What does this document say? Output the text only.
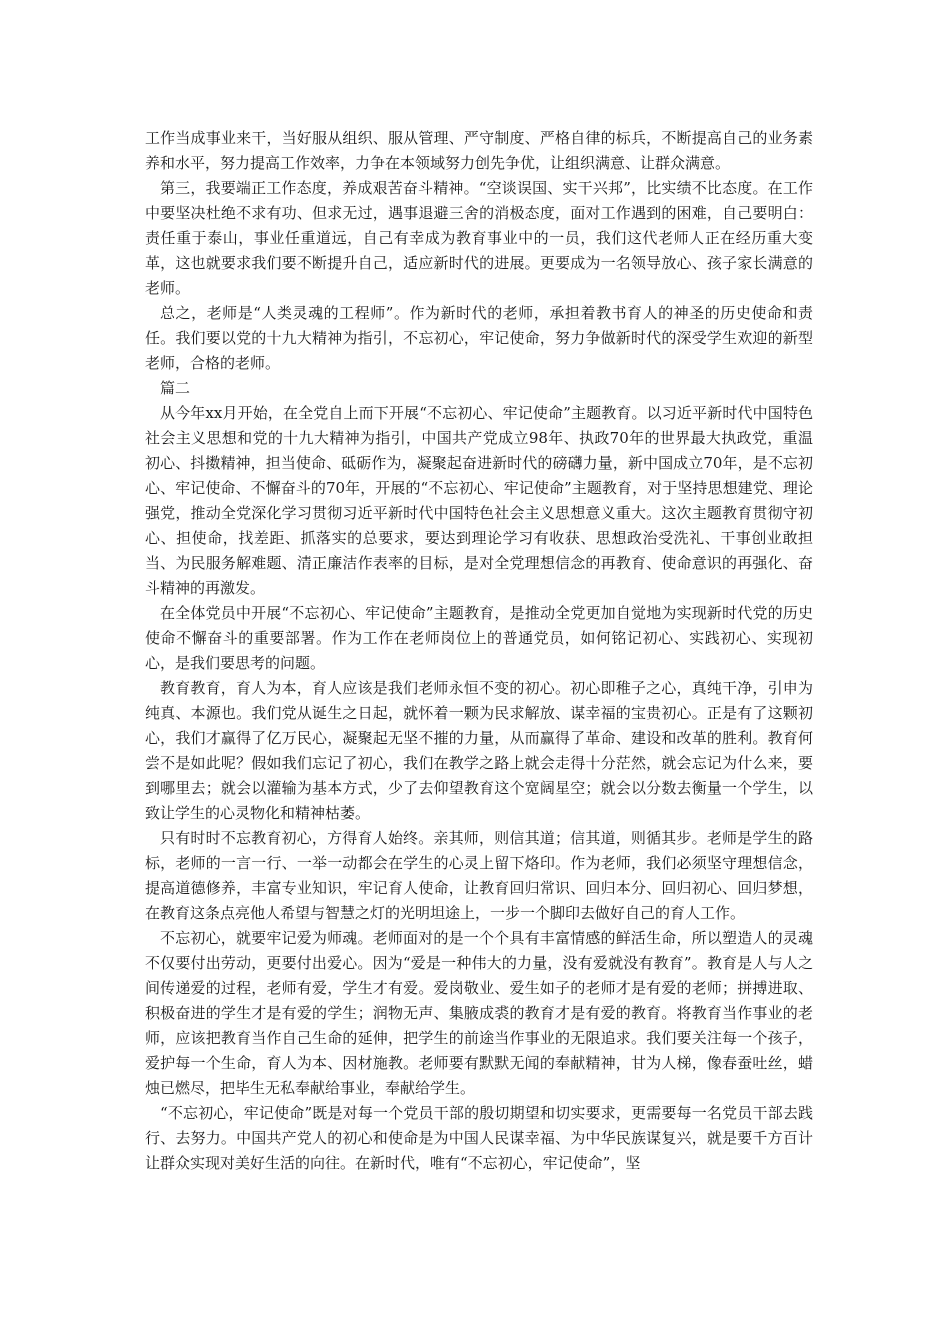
工作当成事业来干，当好服从组织、服从管理、严守制度、严格自律的标兵，不断提高自己的业务素养和水平，努力提高工作效率，力争在本领域努力创先争优，让组织满意、让群众满意。

第三，我要端正工作态度，养成艰苦奋斗精神。“空谈误国、实干兴邦”，比实绩不比态度。在工作中要坚决杜绝不求有功、但求无过，遇事退避三舍的消极态度，面对工作遇到的困难，自己要明白：责任重于泰山，事业任重道远，自己有幸成为教育事业中的一员，我们这代老师人正在经历重大变革，这也就要求我们要不断提升自己，适应新时代的进展。更要成为一名领导放心、孩子家长满意的老师。

总之，老师是“人类灵魂的工程师”。作为新时代的老师，承担着教书育人的神圣的历史使命和责任。我们要以党的十九大精神为指引，不忘初心，牢记使命，努力争做新时代的深受学生欢迎的新型老师，合格的老师。

篇二

从今年xx月开始，在全党自上而下开展“不忘初心、牢记使命”主题教育。以习近平新时代中国特色社会主义思想和党的十九大精神为指引，中国共产党成立98年、执政70年的世界最大执政党，重温初心、抖擞精神，担当使命、砥砺作为，凝聚起奋进新时代的磅礴力量，新中国成立70年，是不忘初心、牢记使命、不懈奋斗的70年，开展的“不忘初心、牢记使命”主题教育，对于坚持思想建党、理论强党，推动全党深化学习贯彻习近平新时代中国特色社会主义思想意义重大。这次主题教育贯彻守初心、担使命，找差距、抓落实的总要求，要达到理论学习有收获、思想政治受洗礼、干事创业敢担当、为民服务解难题、清正廉洁作表率的目标，是对全党理想信念的再教育、使命意识的再强化、奋斗精神的再激发。

在全体党员中开展“不忘初心、牢记使命”主题教育，是推动全党更加自觉地为实现新时代党的历史使命不懈奋斗的重要部署。作为工作在老师岗位上的普通党员，如何铭记初心、实践初心、实现初心，是我们要思考的问题。

教育教育，育人为本，育人应该是我们老师永恒不变的初心。初心即稚子之心，真纯干净，引申为纯真、本源也。我们党从诞生之日起，就怀着一颗为民求解放、谋幸福的宝贵初心。正是有了这颗初心，我们才赢得了亿万民心，凝聚起无坚不摧的力量，从而赢得了革命、建设和改革的胜利。教育何尝不是如此呢？假如我们忘记了初心，我们在教学之路上就会走得十分茫然，就会忘记为什么来，要到哪里去；就会以灌输为基本方式，少了去仰望教育这个宽阔星空；就会以分数去衡量一个学生，以致让学生的心灵物化和精神枯萎。

只有时时不忘教育初心，方得育人始终。亲其师，则信其道；信其道，则循其步。老师是学生的路标，老师的一言一行、一举一动都会在学生的心灵上留下烙印。作为老师，我们必须坚守理想信念，提高道德修养，丰富专业知识，牢记育人使命，让教育回归常识、回归本分、回归初心、回归梦想，在教育这条点亮他人希望与智慧之灯的光明坦途上，一步一个脚印去做好自己的育人工作。

不忘初心，就要牢记爱为师魂。老师面对的是一个个具有丰富情感的鲜活生命，所以塑造人的灵魂不仅要付出劳动，更要付出爱心。因为“爱是一种伟大的力量，没有爱就没有教育”。教育是人与人之间传递爱的过程，老师有爱，学生才有爱。爱岗敬业、爱生如子的老师才是有爱的老师；拼搏进取、积极奋进的学生才是有爱的学生；润物无声、集腋成裘的教育才是有爱的教育。将教育当作事业的老师，应该把教育当作自己生命的延伸，把学生的前途当作事业的无限追求。我们要关注每一个孩子，爱护每一个生命，育人为本、因材施教。老师要有默默无闻的奉献精神，甘为人梯，像春蚕吐丝，蜡烛已燃尽，把毕生无私奉献给事业，奉献给学生。

“不忘初心，牢记使命”既是对每一个党员干部的殷切期望和切实要求，更需要每一名党员干部去践行、去努力。中国共产党人的初心和使命是为中国人民谋幸福、为中华民族谋复兴，就是要千方百计让群众实现对美好生活的向往。在新时代，唯有“不忘初心，牢记使命”，坚
